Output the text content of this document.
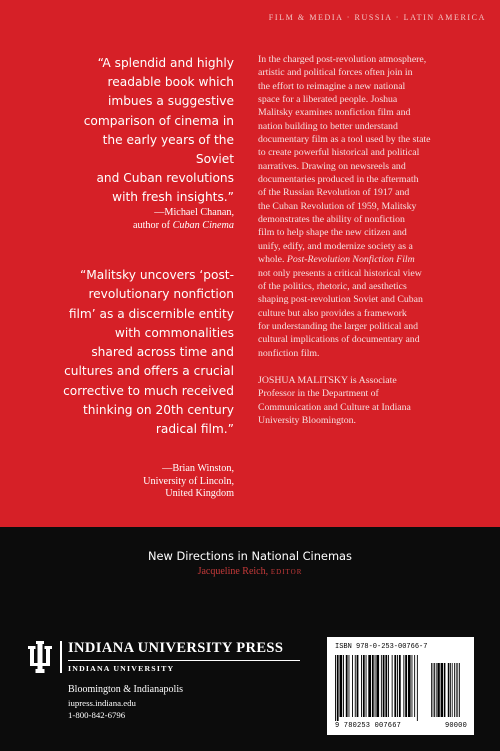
FILM & MEDIA · RUSSIA · LATIN AMERICA

“A splendid and highly

readable book which

imbues a suggestive

comparison of cinema in

the early years of the Soviet

and Cuban revolutions

with fresh insights.”

—Michael Chanan,
author of Cuban Cinema

“Malitsky uncovers ‘post-

revolutionary nonfiction

film’ as a discernible entity

with commonalities

shared across time and

cultures and offers a crucial

corrective to much received

thinking on 20th century

radical film.”

—Brian Winston,
University of Lincoln,
United Kingdom

In the charged post-revolution atmosphere,

artistic and political forces often join in

the effort to reimagine a new national

space for a liberated people. Joshua

Malitsky examines nonfiction film and

nation building to better understand

documentary film as a tool used by the state

to create powerful historical and political

narratives. Drawing on newsreels and

documentaries produced in the aftermath

of the Russian Revolution of 1917 and

the Cuban Revolution of 1959, Malitsky

demonstrates the ability of nonfiction

film to help shape the new citizen and

unify, edify, and modernize society as a

whole. Post-Revolution Nonfiction Film

not only presents a critical historical view

of the politics, rhetoric, and aesthetics

shaping post-revolution Soviet and Cuban

culture but also provides a framework

for understanding the larger political and

cultural implications of documentary and

nonfiction film.

JOSHUA MALITSKY is Associate

Professor in the Department of

Communication and Culture at Indiana

University Bloomington.

New Directions in National Cinemas
Jacqueline Reich, EDITOR
INDIANA UNIVERSITY PRESS
INDIANA UNIVERSITY
Bloomington & Indianapolis
iupress.indiana.edu
1-800-842-6796
ISBN 978-0-253-00766-7
9 780253 007667	90000
